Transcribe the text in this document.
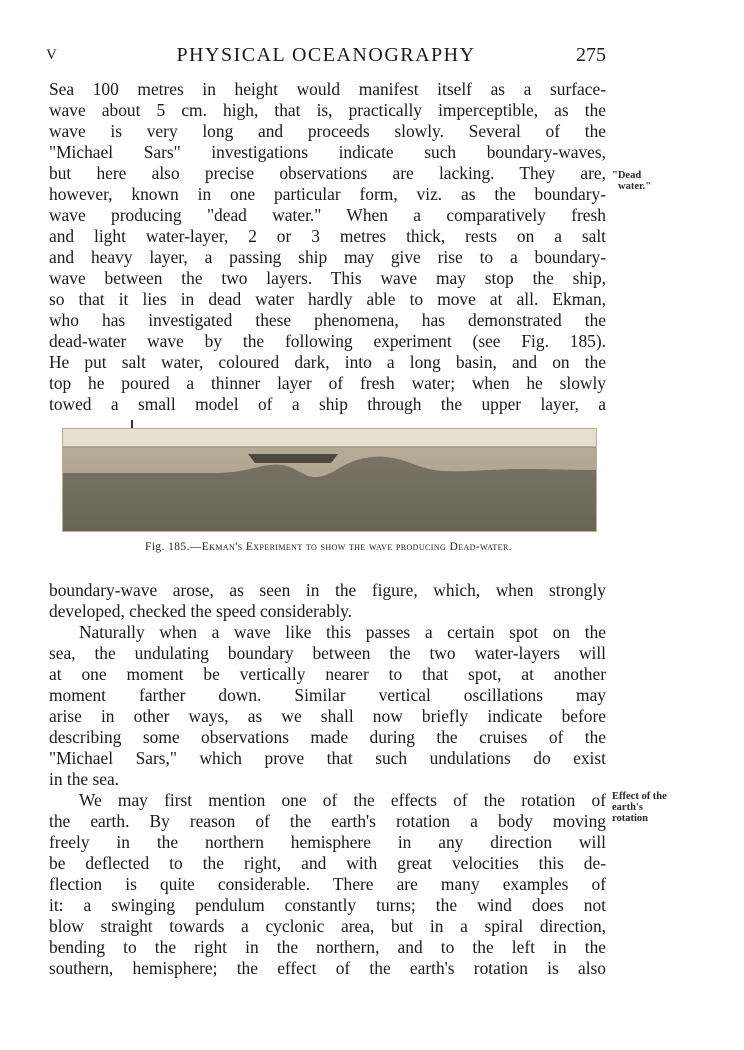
V	PHYSICAL OCEANOGRAPHY	275
Sea 100 metres in height would manifest itself as a surface-
wave about 5 cm. high, that is, practically imperceptible, as the
wave is very long and proceeds slowly. Several of the
"Michael Sars" investigations indicate such boundary-waves,
but here also precise observations are lacking. They are,
however, known in one particular form, viz. as the boundary-
wave producing "dead water." When a comparatively fresh
and light water-layer, 2 or 3 metres thick, rests on a salt
and heavy layer, a passing ship may give rise to a boundary-
wave between the two layers. This wave may stop the ship,
so that it lies in dead water hardly able to move at all. Ekman,
who has investigated these phenomena, has demonstrated the
dead-water wave by the following experiment (see Fig. 185).
He put salt water, coloured dark, into a long basin, and on the
top he poured a thinner layer of fresh water; when he slowly
towed a small model of a ship through the upper layer, a
"Dead
water."
Fig. 185.—Ekman's Experiment to show the wave producing Dead-water.
boundary-wave arose, as seen in the figure, which, when strongly
developed, checked the speed considerably.
Naturally when a wave like this passes a certain spot on the
sea, the undulating boundary between the two water-layers will
at one moment be vertically nearer to that spot, at another
moment farther down. Similar vertical oscillations may
arise in other ways, as we shall now briefly indicate before
describing some observations made during the cruises of the
"Michael Sars," which prove that such undulations do exist
in the sea.
We may first mention one of the effects of the rotation of
the earth. By reason of the earth's rotation a body moving
freely in the northern hemisphere in any direction will
be deflected to the right, and with great velocities this de-
flection is quite considerable. There are many examples of
it: a swinging pendulum constantly turns; the wind does not
blow straight towards a cyclonic area, but in a spiral direction,
bending to the right in the northern, and to the left in the
southern, hemisphere; the effect of the earth's rotation is also
Effect of the
earth's
rotation
